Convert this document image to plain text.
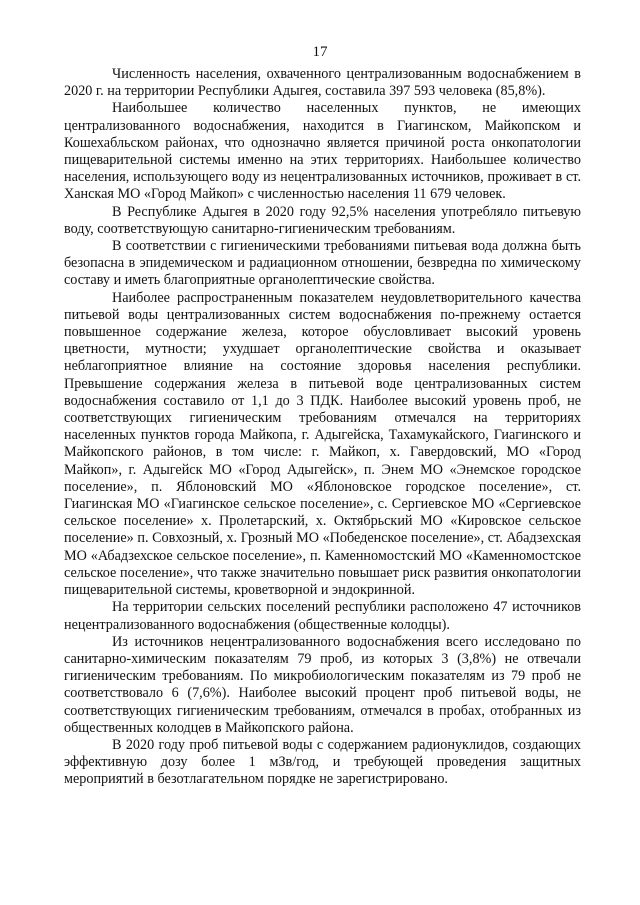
17

Численность населения, охваченного централизованным водоснабжением в 2020 г. на территории Республики Адыгея, составила 397 593 человека (85,8%).

Наибольшее количество населенных пунктов, не имеющих централизованного водоснабжения, находится в Гиагинском, Майкопском и Кошехабльском районах, что однозначно является причиной роста онкопатологии пищеварительной системы именно на этих территориях. Наибольшее количество населения, использующего воду из нецентрализованных источников, проживает в ст. Ханская МО «Город Майкоп» с численностью населения 11 679 человек.

В Республике Адыгея в 2020 году 92,5% населения употребляло питьевую воду, соответствующую санитарно-гигиеническим требованиям.

В соответствии с гигиеническими требованиями питьевая вода должна быть безопасна в эпидемическом и радиационном отношении, безвредна по химическому составу и иметь благоприятные органолептические свойства.

Наиболее распространенным показателем неудовлетворительного качества питьевой воды централизованных систем водоснабжения по-прежнему остается повышенное содержание железа, которое обусловливает высокий уровень цветности, мутности; ухудшает органолептические свойства и оказывает неблагоприятное влияние на состояние здоровья населения республики. Превышение содержания железа в питьевой воде централизованных систем водоснабжения составило от 1,1 до 3 ПДК. Наиболее высокий уровень проб, не соответствующих гигиеническим требованиям отмечался на территориях населенных пунктов города Майкопа, г. Адыгейска, Тахамукайского, Гиагинского и Майкопского районов, в том числе: г. Майкоп, х. Гавердовский, МО «Город Майкоп», г. Адыгейск МО «Город Адыгейск», п. Энем МО «Энемское городское поселение», п. Яблоновский МО «Яблоновское городское поселение», ст. Гиагинская МО «Гиагинское сельское поселение», с. Сергиевское МО «Сергиевское сельское поселение» х. Пролетарский, х. Октябрьский МО «Кировское сельское поселение» п. Совхозный, х. Грозный МО «Победенское поселение», ст. Абадзехская МО «Абадзехское сельское поселение», п. Каменномостский МО «Каменномостское сельское поселение», что также значительно повышает риск развития онкопатологии пищеварительной системы, кроветворной и эндокринной.

На территории сельских поселений республики расположено 47 источников нецентрализованного водоснабжения (общественные колодцы).

Из источников нецентрализованного водоснабжения всего исследовано по санитарно-химическим показателям 79 проб, из которых 3 (3,8%) не отвечали гигиеническим требованиям. По микробиологическим показателям из 79 проб не соответствовало 6 (7,6%). Наиболее высокий процент проб питьевой воды, не соответствующих гигиеническим требованиям, отмечался в пробах, отобранных из общественных колодцев в Майкопского района.

В 2020 году проб питьевой воды с содержанием радионуклидов, создающих эффективную дозу более 1 мЗв/год, и требующей проведения защитных мероприятий в безотлагательном порядке не зарегистрировано.
